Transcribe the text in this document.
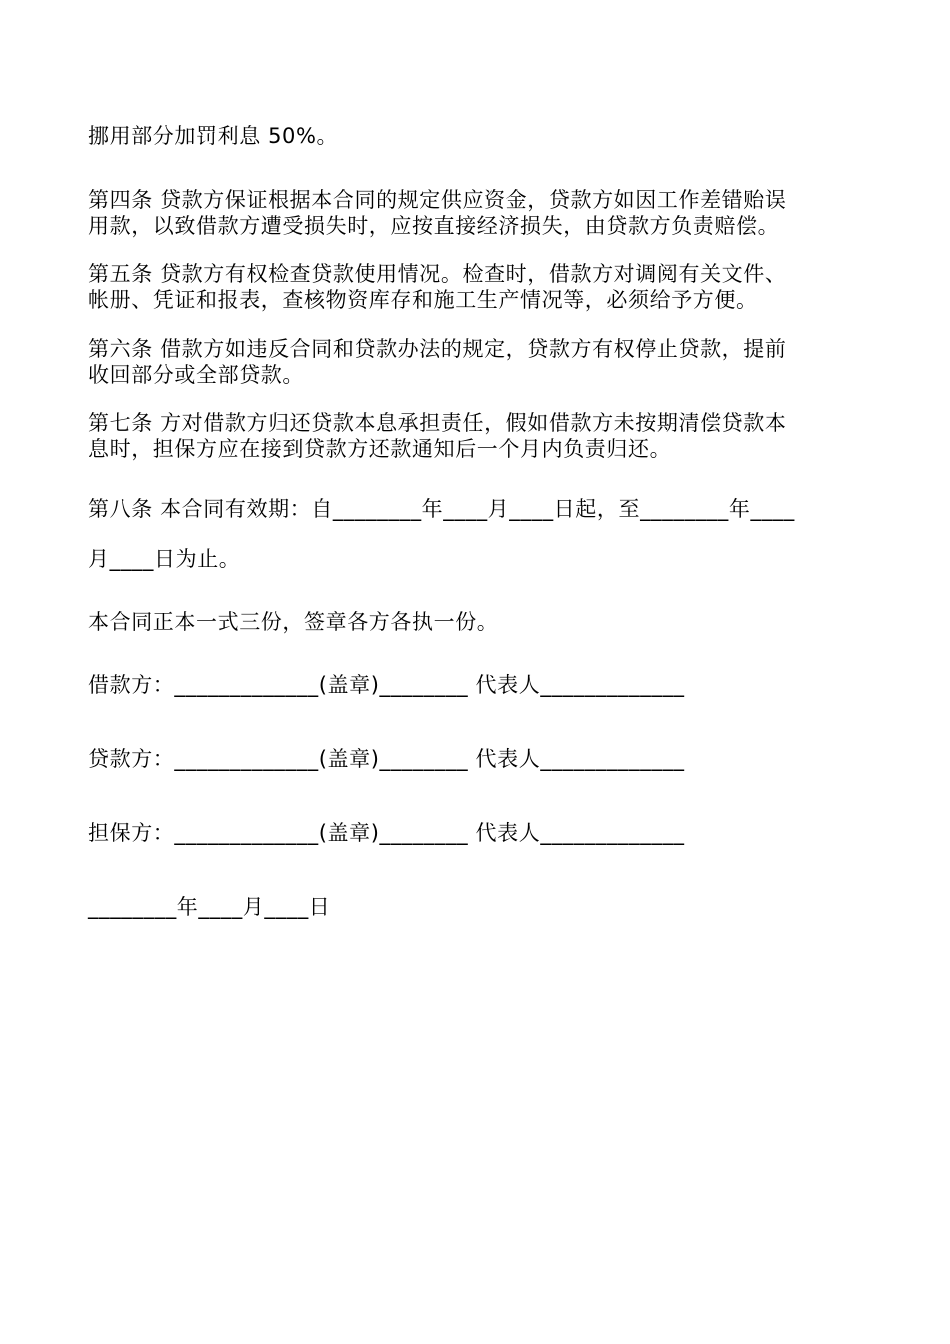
挪用部分加罚利息 50%。
第四条 贷款方保证根据本合同的规定供应资金，贷款方如因工作差错贻误
用款，以致借款方遭受损失时，应按直接经济损失，由贷款方负责赔偿。
第五条 贷款方有权检查贷款使用情况。检查时，借款方对调阅有关文件、
帐册、凭证和报表，查核物资库存和施工生产情况等，必须给予方便。
第六条 借款方如违反合同和贷款办法的规定，贷款方有权停止贷款，提前
收回部分或全部贷款。
第七条 方对借款方归还贷款本息承担责任，假如借款方未按期清偿贷款本
息时，担保方应在接到贷款方还款通知后一个月内负责归还。
第八条 本合同有效期：自________年____月____日起，至________年____
月____日为止。
本合同正本一式三份，签章各方各执一份。
借款方：_____________(盖章)________ 代表人_____________
贷款方：_____________(盖章)________ 代表人_____________
担保方：_____________(盖章)________ 代表人_____________
________年____月____日
